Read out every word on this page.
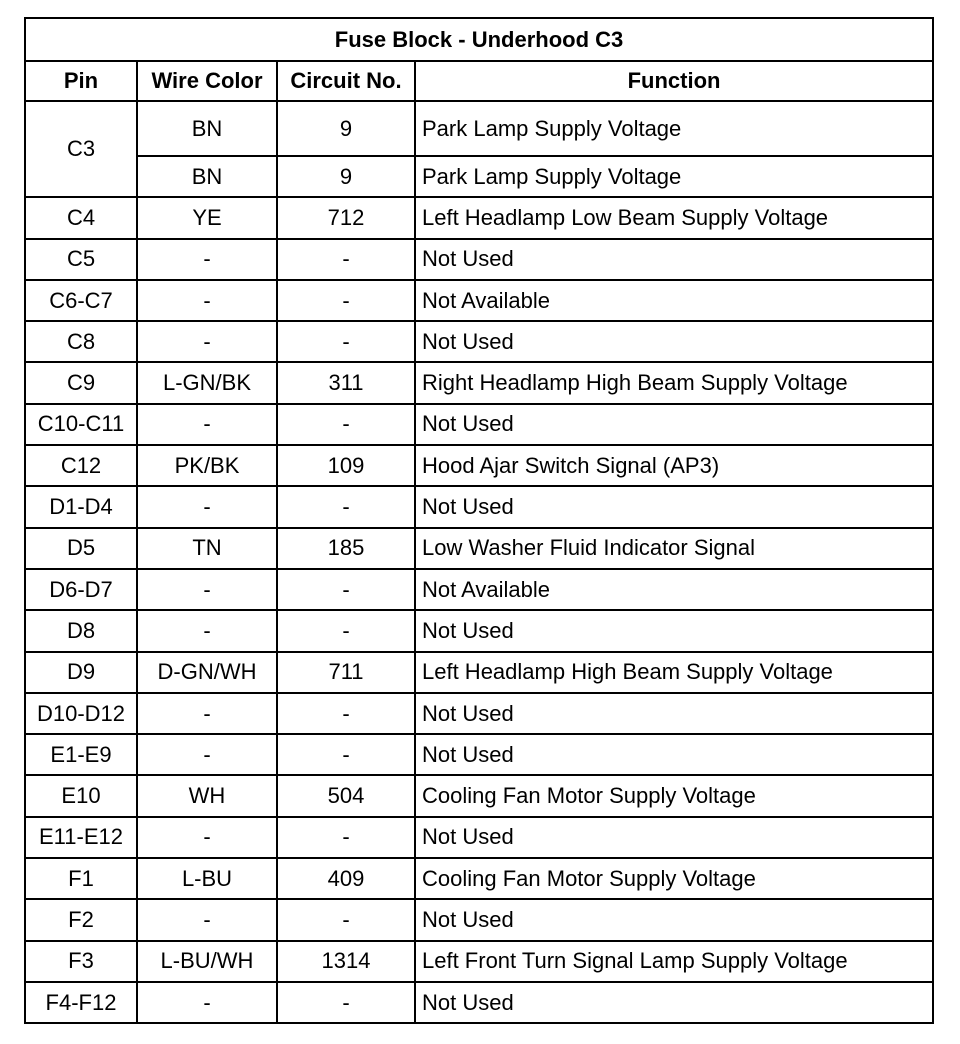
Fuse Block - Underhood C3			
Pin	Wire Color	Circuit No.	Function
C3	BN	9	Park Lamp Supply Voltage
	BN	9	Park Lamp Supply Voltage
C4	YE	712	Left Headlamp Low Beam Supply Voltage
C5	-	-	Not Used
C6-C7	-	-	Not Available
C8	-	-	Not Used
C9	L-GN/BK	311	Right Headlamp High Beam Supply Voltage
C10-C11	-	-	Not Used
C12	PK/BK	109	Hood Ajar Switch Signal (AP3)
D1-D4	-	-	Not Used
D5	TN	185	Low Washer Fluid Indicator Signal
D6-D7	-	-	Not Available
D8	-	-	Not Used
D9	D-GN/WH	711	Left Headlamp High Beam Supply Voltage
D10-D12	-	-	Not Used
E1-E9	-	-	Not Used
E10	WH	504	Cooling Fan Motor Supply Voltage
E11-E12	-	-	Not Used
F1	L-BU	409	Cooling Fan Motor Supply Voltage
F2	-	-	Not Used
F3	L-BU/WH	1314	Left Front Turn Signal Lamp Supply Voltage
F4-F12	-	-	Not Used
